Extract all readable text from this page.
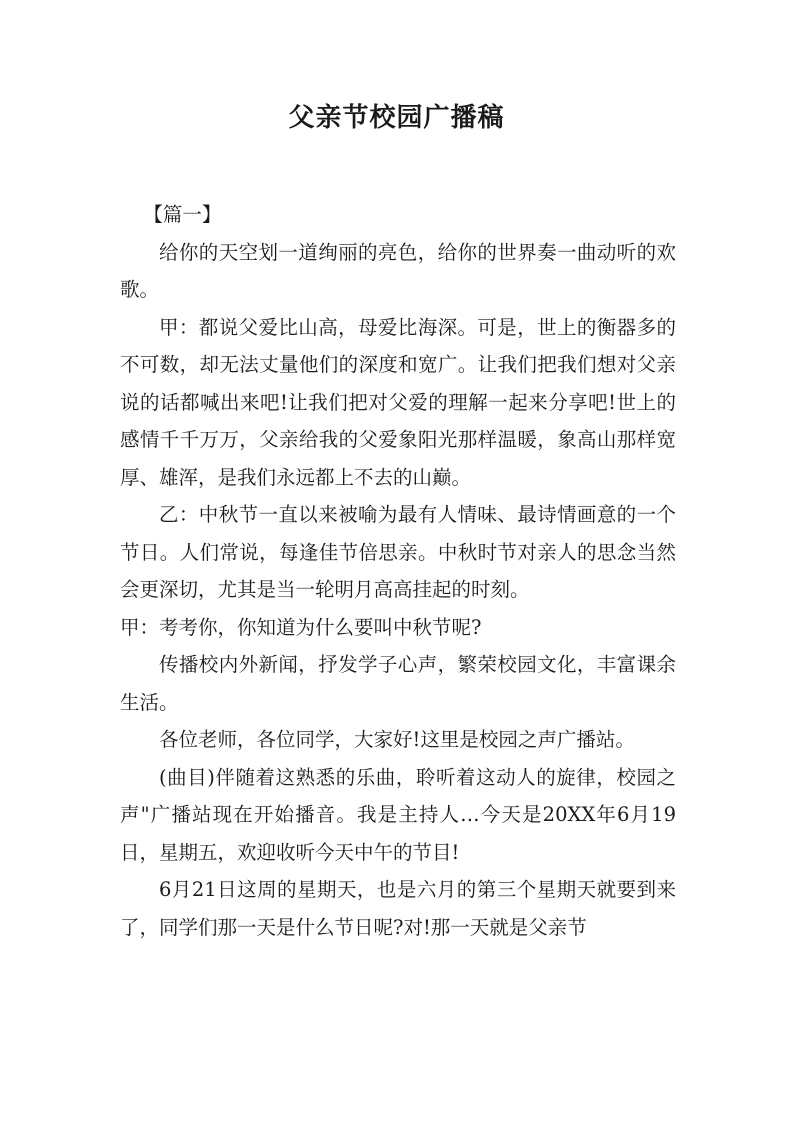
父亲节校园广播稿

【篇一】

给你的天空划一道绚丽的亮色，给你的世界奏一曲动听的欢歌。

甲：都说父爱比山高，母爱比海深。可是，世上的衡器多的不可数，却无法丈量他们的深度和宽广。让我们把我们想对父亲说的话都喊出来吧!让我们把对父爱的理解一起来分享吧!世上的感情千千万万，父亲给我的父爱象阳光那样温暖，象高山那样宽厚、雄浑，是我们永远都上不去的山巅。

乙：中秋节一直以来被喻为最有人情味、最诗情画意的一个节日。人们常说，每逢佳节倍思亲。中秋时节对亲人的思念当然会更深切，尤其是当一轮明月高高挂起的时刻。

甲：考考你，你知道为什么要叫中秋节呢?

传播校内外新闻，抒发学子心声，繁荣校园文化，丰富课余生活。

各位老师，各位同学，大家好!这里是校园之声广播站。

(曲目)伴随着这熟悉的乐曲，聆听着这动人的旋律，校园之声"广播站现在开始播音。我是主持人…今天是20XX年6月19日，星期五，欢迎收听今天中午的节目!

6月21日这周的星期天，也是六月的第三个星期天就要到来了，同学们那一天是什么节日呢?对!那一天就是父亲节
